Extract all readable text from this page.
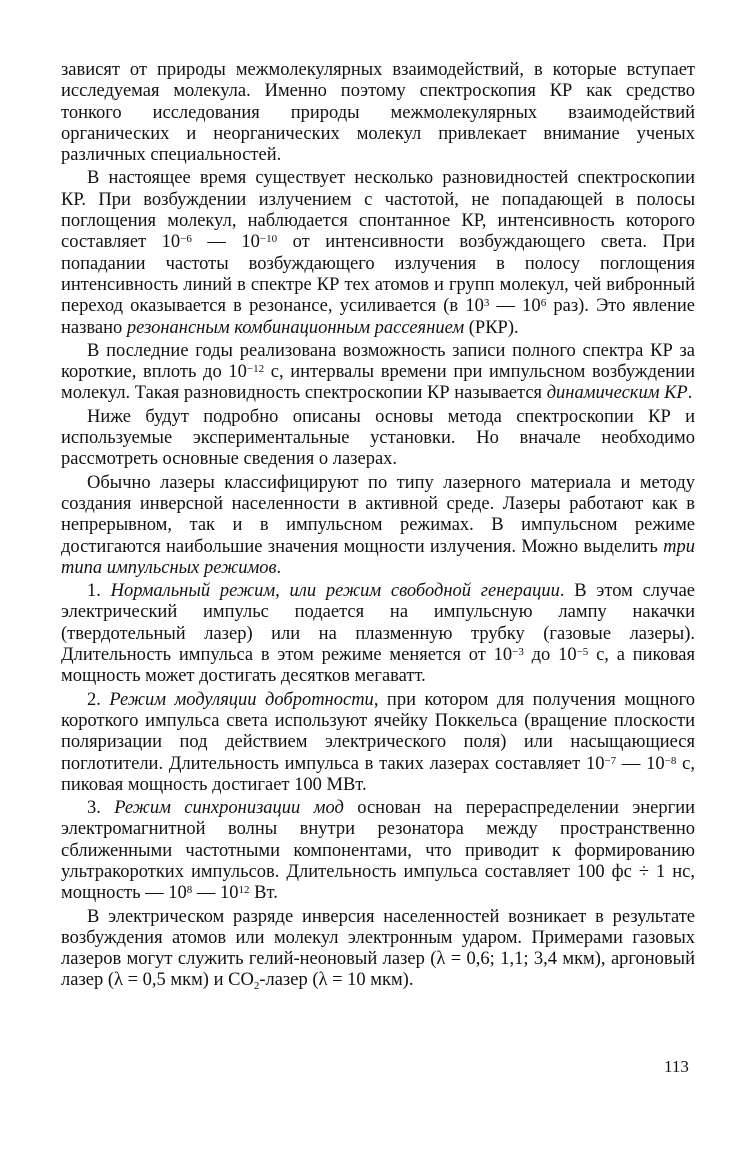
зависят от природы межмолекулярных взаимодействий, в которые вступает исследуемая молекула. Именно поэтому спектроскопия КР как средство тонкого исследования природы межмолекулярных взаимодействий органических и неорганических молекул привлекает внимание ученых различных специальностей.

В настоящее время существует несколько разновидностей спектроскопии КР. При возбуждении излучением с частотой, не попадающей в полосы поглощения молекул, наблюдается спонтанное КР, интенсивность которого составляет $10^{-6}$ — $10^{-10}$ от интенсивности возбуждающего света. При попадании частоты возбуждающего излучения в полосу поглощения интенсивность линий в спектре КР тех атомов и групп молекул, чей вибронный переход оказывается в резонансе, усиливается (в $10^3$ — $10^6$ раз). Это явление названо резонансным комбинационным рассеянием (РКР).

В последние годы реализована возможность записи полного спектра КР за короткие, вплоть до $10^{-12}$ с, интервалы времени при импульсном возбуждении молекул. Такая разновидность спектроскопии КР называется динамическим КР.

Ниже будут подробно описаны основы метода спектроскопии КР и используемые экспериментальные установки. Но вначале необходимо рассмотреть основные сведения о лазерах.

Обычно лазеры классифицируют по типу лазерного материала и методу создания инверсной населенности в активной среде. Лазеры работают как в непрерывном, так и в импульсном режимах. В импульсном режиме достигаются наибольшие значения мощности излучения. Можно выделить три типа импульсных режимов.

1. Нормальный режим, или режим свободной генерации. В этом случае электрический импульс подается на импульсную лампу накачки (твердотельный лазер) или на плазменную трубку (газовые лазеры). Длительность импульса в этом режиме меняется от $10^{-3}$ до $10^{-5}$ с, а пиковая мощность может достигать десятков мегаватт.

2. Режим модуляции добротности, при котором для получения мощного короткого импульса света используют ячейку Поккельса (вращение плоскости поляризации под действием электрического поля) или насыщающиеся поглотители. Длительность импульса в таких лазерах составляет $10^{-7}$ — $10^{-8}$ с, пиковая мощность достигает 100 МВт.

3. Режим синхронизации мод основан на перераспределении энергии электромагнитной волны внутри резонатора между пространственно сближенными частотными компонентами, что приводит к формированию ультракоротких импульсов. Длительность импульса составляет 100 фс ÷ 1 нс, мощность — $10^8$ — $10^{12}$ Вт.

В электрическом разряде инверсия населенностей возникает в результате возбуждения атомов или молекул электронным ударом. Примерами газовых лазеров могут служить гелий-неоновый лазер (λ = 0,6; 1,1; 3,4 мкм), аргоновый лазер (λ = 0,5 мкм) и $CO_2$-лазер (λ = 10 мкм).

113
